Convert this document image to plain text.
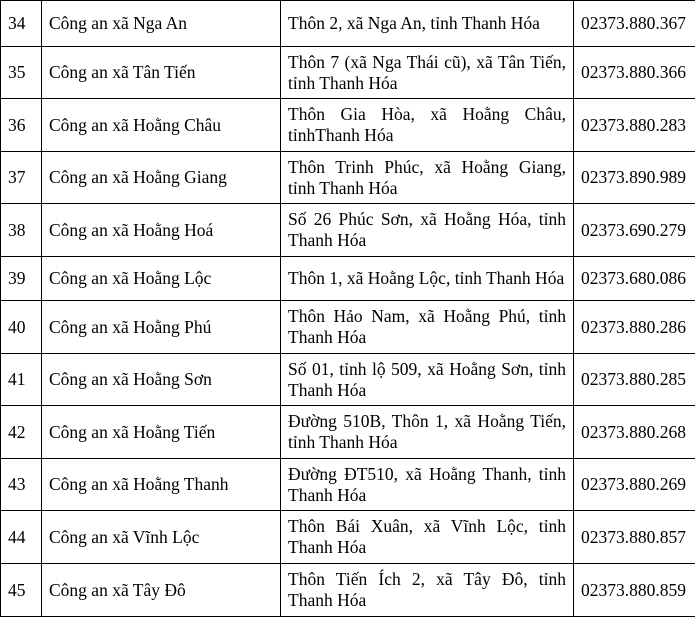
34	Công an xã Nga An	Thôn 2, xã Nga An, tỉnh Thanh Hóa	02373.880.367
35	Công an xã Tân Tiến	Thôn 7 (xã Nga Thái cũ), xã Tân Tiến, tỉnh Thanh Hóa	02373.880.366
36	Công an xã Hoằng Châu	Thôn Gia Hòa, xã Hoằng Châu, tỉnhThanh Hóa	02373.880.283
37	Công an xã Hoằng Giang	Thôn Trinh Phúc, xã Hoằng Giang, tỉnh Thanh Hóa	02373.890.989
38	Công an xã Hoằng Hoá	Số 26 Phúc Sơn, xã Hoằng Hóa, tỉnh Thanh Hóa	02373.690.279
39	Công an xã Hoằng Lộc	Thôn 1, xã Hoằng Lộc, tỉnh Thanh Hóa	02373.680.086
40	Công an xã Hoằng Phú	Thôn Hảo Nam, xã Hoằng Phú, tỉnh Thanh Hóa	02373.880.286
41	Công an xã Hoằng Sơn	Số 01, tỉnh lộ 509, xã Hoằng Sơn, tỉnh Thanh Hóa	02373.880.285
42	Công an xã Hoằng Tiến	Đường 510B, Thôn 1, xã Hoằng Tiến, tỉnh Thanh Hóa	02373.880.268
43	Công an xã Hoằng Thanh	Đường ĐT510, xã Hoằng Thanh, tỉnh Thanh Hóa	02373.880.269
44	Công an xã Vĩnh Lộc	Thôn Bái Xuân, xã Vĩnh Lộc, tỉnh Thanh Hóa	02373.880.857
45	Công an xã Tây Đô	Thôn Tiến Ích 2, xã Tây Đô, tỉnh Thanh Hóa	02373.880.859
